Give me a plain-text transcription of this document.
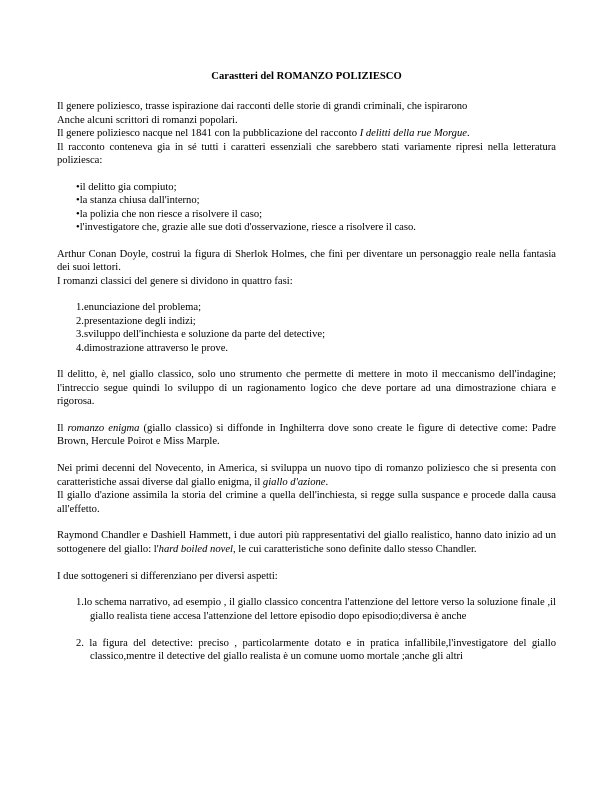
Carastteri del ROMANZO POLIZIESCO

Il genere poliziesco, trasse ispirazione dai racconti delle storie di grandi criminali, che ispirarono

Anche alcuni scrittori di romanzi popolari.

Il genere poliziesco nacque nel 1841 con la pubblicazione del racconto I delitti della rue Morgue.

Il racconto conteneva gia in sé tutti i caratteri essenziali che sarebbero stati variamente ripresi nella letteratura poliziesca:

• il delitto gia compiuto;
• la stanza chiusa dall'interno;
• la polizia che non riesce a risolvere il caso;
• l'investigatore che, grazie alle sue doti d'osservazione, riesce a risolvere il caso.

Arthur Conan Doyle, costruì la figura di Sherlok Holmes, che finì per diventare un personaggio reale nella fantasia dei suoi lettori.

I romanzi classici del genere si dividono in quattro fasi:

1.enunciazione del problema;
2.presentazione degli indizi;
3.sviluppo dell'inchiesta e soluzione da parte del detective;
4.dimostrazione attraverso le prove.

Il delitto, è, nel giallo classico, solo uno strumento che permette di mettere in moto il meccanismo dell'indagine; l'intreccio segue quindi lo sviluppo di un ragionamento logico che deve portare ad una dimostrazione chiara e rigorosa.

Il romanzo enigma (giallo classico) si diffonde in Inghilterra dove sono create le figure di detective come: Padre Brown, Hercule Poirot e Miss Marple.

Nei primi decenni del Novecento, in America, si sviluppa un nuovo tipo di romanzo poliziesco che si presenta con caratteristiche assai diverse dal giallo enigma, il giallo d'azione.

Il giallo d'azione assimila la storia del crimine a quella dell'inchiesta, si regge sulla suspance e procede dalla causa all'effetto.

Raymond Chandler e Dashiell Hammett, i due autori più rappresentativi del giallo realistico, hanno dato inizio ad un sottogenere del giallo: l'hard boiled novel, le cui caratteristiche sono definite dallo stesso Chandler.

I due sottogeneri si differenziano per diversi aspetti:

1.lo schema narrativo, ad esempio , il giallo classico concentra l'attenzione del lettore verso la soluzione finale ,il giallo realista tiene accesa l'attenzione del lettore episodio dopo episodio;diversa è anche
2. la figura del detective: preciso , particolarmente dotato e in pratica infallibile,l'investigatore del giallo classico,mentre il detective del giallo realista è un comune uomo mortale ;anche gli altri
